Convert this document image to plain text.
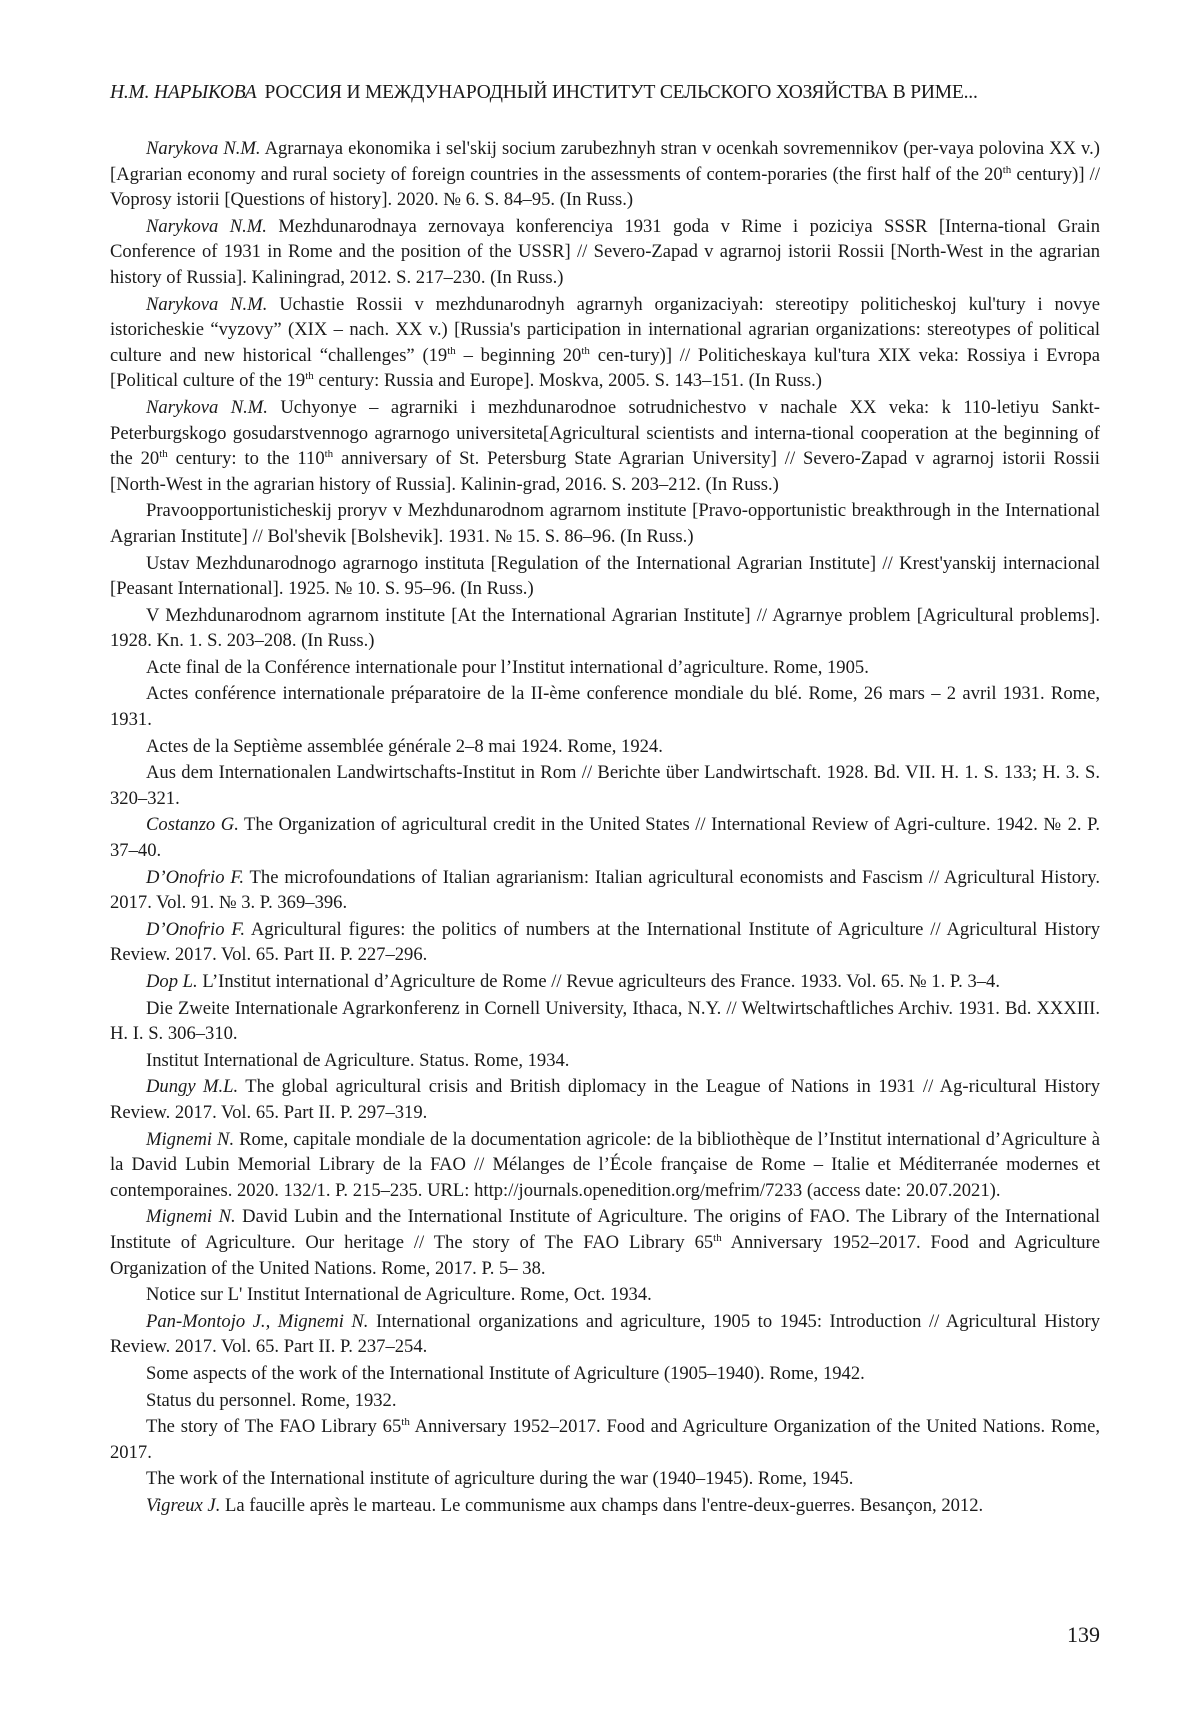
Н.М. НАРЫКОВА РОССИЯ И МЕЖДУНАРОДНЫЙ ИНСТИТУТ СЕЛЬСКОГО ХОЗЯЙСТВА В РИМЕ...

Narykova N.M. Agrarnaya ekonomika i sel'skij socium zarubezhnyh stran v ocenkah sovremennikov (per-vaya polovina XX v.) [Agrarian economy and rural society of foreign countries in the assessments of contem-poraries (the first half of the 20th century)] // Voprosy istorii [Questions of history]. 2020. № 6. S. 84–95. (In Russ.)

Narykova N.M. Mezhdunarodnaya zernovaya konferenciya 1931 goda v Rime i poziciya SSSR [Interna-tional Grain Conference of 1931 in Rome and the position of the USSR] // Severo-Zapad v agrarnoj istorii Rossii [North-West in the agrarian history of Russia]. Kaliningrad, 2012. S. 217–230. (In Russ.)

Narykova N.M. Uchastie Rossii v mezhdunarodnyh agrarnyh organizaciyah: stereotipy politicheskoj kul'tury i novye istoricheskie “vyzovy” (XIX – nach. XX v.) [Russia's participation in international agrarian organizations: stereotypes of political culture and new historical “challenges” (19th – beginning 20th cen-tury)] // Politicheskaya kul'tura XIX veka: Rossiya i Evropa [Political culture of the 19th century: Russia and Europe]. Moskva, 2005. S. 143–151. (In Russ.)

Narykova N.M. Uchyonye – agrarniki i mezhdunarodnoe sotrudnichestvo v nachale XX veka: k 110-letiyu Sankt-Peterburgskogo gosudarstvennogo agrarnogo universiteta[Agricultural scientists and interna-tional cooperation at the beginning of the 20th century: to the 110th anniversary of St. Petersburg State Agrarian University] // Severo-Zapad v agrarnoj istorii Rossii [North-West in the agrarian history of Russia]. Kalinin-grad, 2016. S. 203–212. (In Russ.)

Pravoopportunisticheskij proryv v Mezhdunarodnom agrarnom institute [Pravo-opportunistic breakthrough in the International Agrarian Institute] // Bol'shevik [Bolshevik]. 1931. № 15. S. 86–96. (In Russ.)

Ustav Mezhdunarodnogo agrarnogo instituta [Regulation of the International Agrarian Institute] // Krest'yanskij internacional [Peasant International]. 1925. № 10. S. 95–96. (In Russ.)

V Mezhdunarodnom agrarnom institute [At the International Agrarian Institute] // Agrarnye problem [Agricultural problems]. 1928. Kn. 1. S. 203–208. (In Russ.)

Acte final de la Conférence internationale pour l’Institut international d’agriculture. Rome, 1905.

Actes conférence internationale préparatoire de la II-ème conference mondiale du blé. Rome, 26 mars – 2 avril 1931. Rome, 1931.

Actes de la Septième assemblée générale 2–8 mai 1924. Rome, 1924.

Aus dem Internationalen Landwirtschafts-Institut in Rom // Berichte über Landwirtschaft. 1928. Bd. VII. H. 1. S. 133; H. 3. S. 320–321.

Costanzo G. The Organization of agricultural credit in the United States // International Review of Agri-culture. 1942. № 2. P. 37–40.

D’Onofrio F. The microfoundations of Italian agrarianism: Italian agricultural economists and Fascism // Agricultural History. 2017. Vol. 91. № 3. P. 369–396.

D’Onofrio F. Agricultural figures: the politics of numbers at the International Institute of Agriculture // Agricultural History Review. 2017. Vol. 65. Part II. P. 227–296.

Dop L. L’Institut international d’Agriculture de Rome // Revue agriculteurs des France. 1933. Vol. 65. № 1. P. 3–4.

Die Zweite Internationale Agrarkonferenz in Cornell University, Ithaca, N.Y. // Weltwirtschaftliches Archiv. 1931. Bd. XXXIII. H. I. S. 306–310.

Institut International de Agriculture. Status. Rome, 1934.

Dungy M.L. The global agricultural crisis and British diplomacy in the League of Nations in 1931 // Ag-ricultural History Review. 2017. Vol. 65. Part II. P. 297–319.

Mignemi N. Rome, capitale mondiale de la documentation agricole: de la bibliothèque de l’Institut international d’Agriculture à la David Lubin Memorial Library de la FAO // Mélanges de l’École française de Rome – Italie et Méditerranée modernes et contemporaines. 2020. 132/1. P. 215–235. URL: http://journals.openedition.org/mefrim/7233 (access date: 20.07.2021).

Mignemi N. David Lubin and the International Institute of Agriculture. The origins of FAO. The Library of the International Institute of Agriculture. Our heritage // The story of The FAO Library 65th Anniversary 1952–2017. Food and Agriculture Organization of the United Nations. Rome, 2017. P. 5– 38.

Notice sur L' Institut International de Agriculture. Rome, Oct. 1934.

Pan-Montojo J., Mignemi N. International organizations and agriculture, 1905 to 1945: Introduction // Agricultural History Review. 2017. Vol. 65. Part II. P. 237–254.

Some aspects of the work of the International Institute of Agriculture (1905–1940). Rome, 1942.

Status du personnel. Rome, 1932.

The story of The FAO Library 65th Anniversary 1952–2017. Food and Agriculture Organization of the United Nations. Rome, 2017.

The work of the International institute of agriculture during the war (1940–1945). Rome, 1945.

Vigreux J. La faucille après le marteau. Le communisme aux champs dans l'entre-deux-guerres. Besançon, 2012.

139
